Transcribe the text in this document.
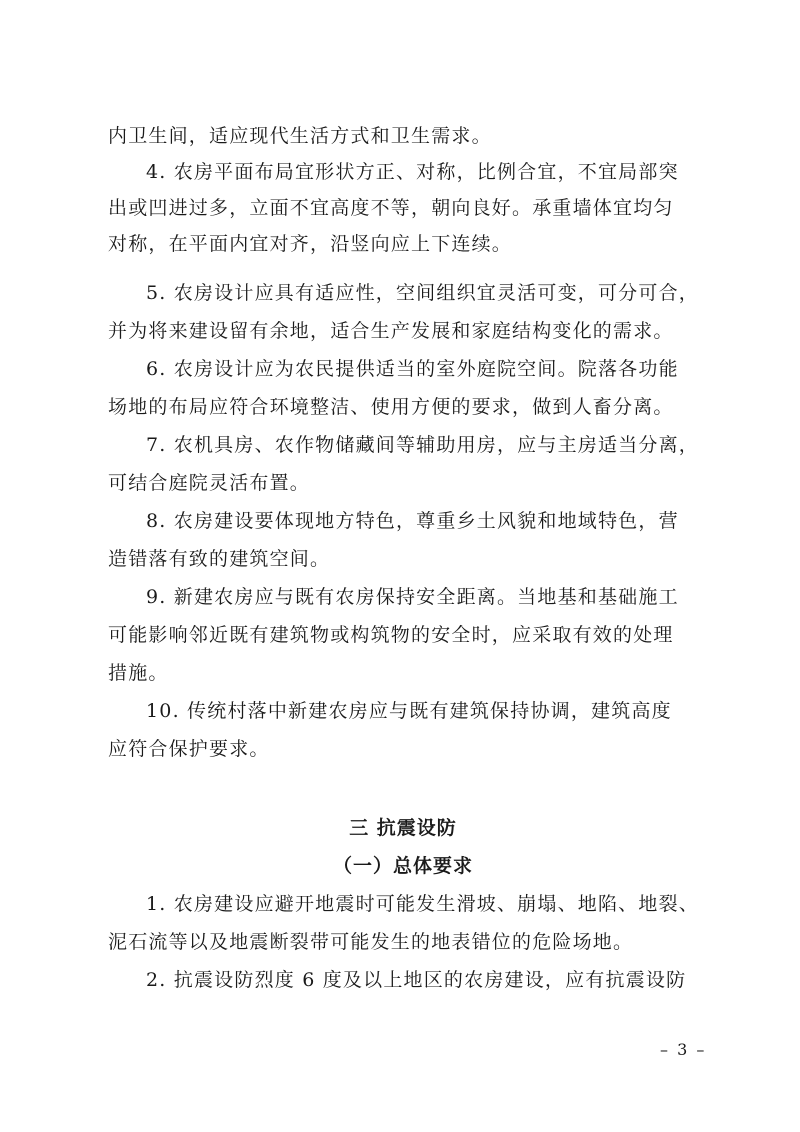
内卫生间，适应现代生活方式和卫生需求。
4. 农房平面布局宜形状方正、对称，比例合宜，不宜局部突
出或凹进过多，立面不宜高度不等，朝向良好。承重墙体宜均匀
对称，在平面内宜对齐，沿竖向应上下连续。
5. 农房设计应具有适应性，空间组织宜灵活可变，可分可合，
并为将来建设留有余地，适合生产发展和家庭结构变化的需求。
6. 农房设计应为农民提供适当的室外庭院空间。院落各功能
场地的布局应符合环境整洁、使用方便的要求，做到人畜分离。
7. 农机具房、农作物储藏间等辅助用房，应与主房适当分离，
可结合庭院灵活布置。
8. 农房建设要体现地方特色，尊重乡土风貌和地域特色，营
造错落有致的建筑空间。
9. 新建农房应与既有农房保持安全距离。当地基和基础施工
可能影响邻近既有建筑物或构筑物的安全时，应采取有效的处理
措施。
10. 传统村落中新建农房应与既有建筑保持协调，建筑高度
应符合保护要求。
三 抗震设防
（一）总体要求
1. 农房建设应避开地震时可能发生滑坡、崩塌、地陷、地裂、
泥石流等以及地震断裂带可能发生的地表错位的危险场地。
2. 抗震设防烈度 6 度及以上地区的农房建设，应有抗震设防
– 3 –
